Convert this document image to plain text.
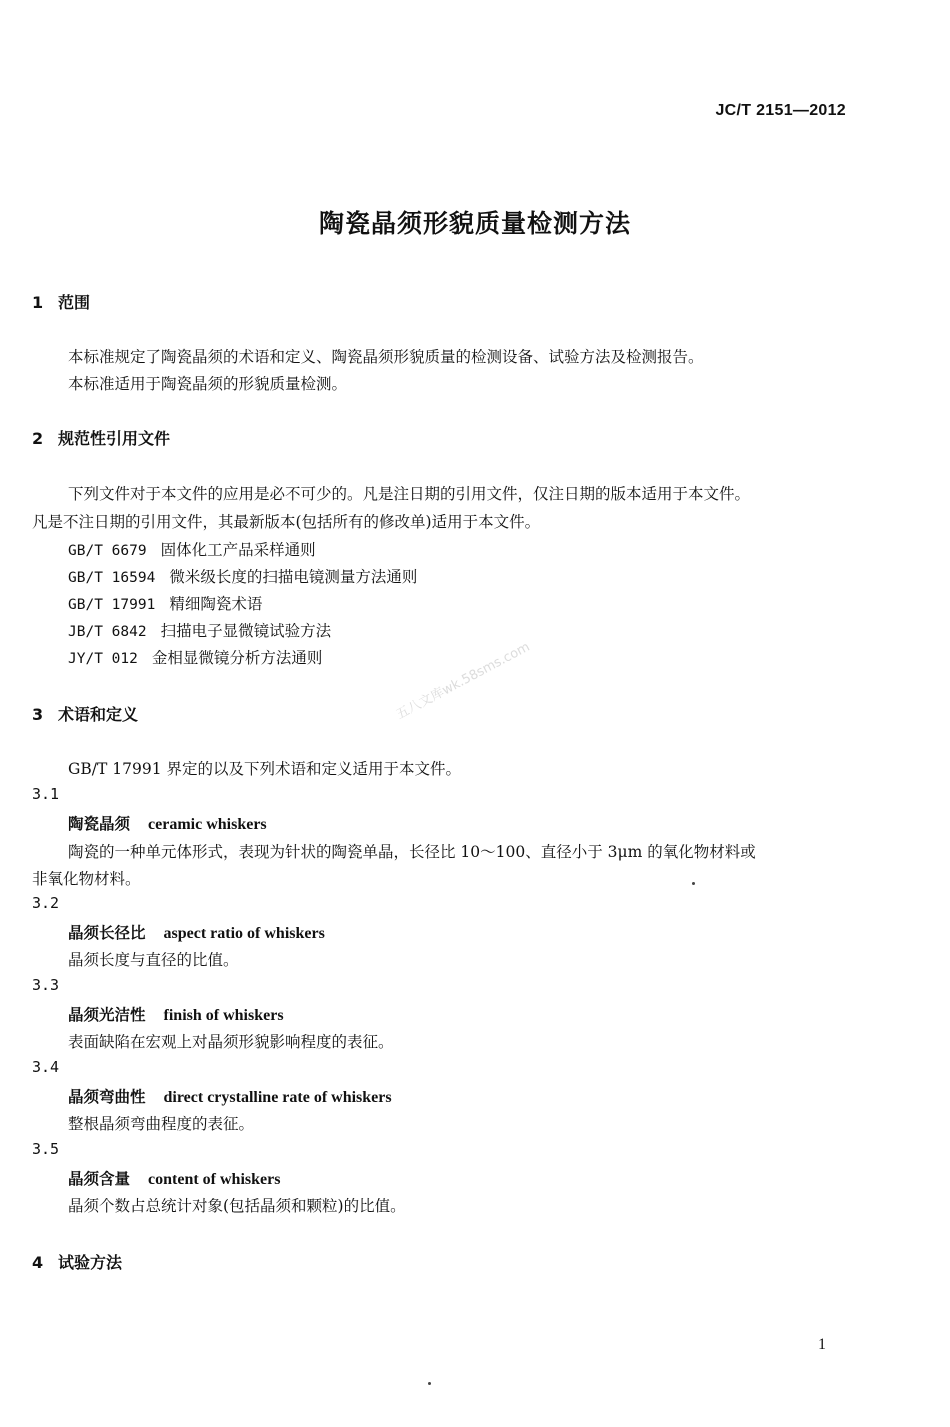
JC/T 2151—2012
陶瓷晶须形貌质量检测方法
1 范围
本标准规定了陶瓷晶须的术语和定义、陶瓷晶须形貌质量的检测设备、试验方法及检测报告。
本标准适用于陶瓷晶须的形貌质量检测。
2 规范性引用文件
下列文件对于本文件的应用是必不可少的。凡是注日期的引用文件，仅注日期的版本适用于本文件。
凡是不注日期的引用文件，其最新版本(包括所有的修改单)适用于本文件。
GB/T 6679 固体化工产品采样通则
GB/T 16594 微米级长度的扫描电镜测量方法通则
GB/T 17991 精细陶瓷术语
JB/T 6842 扫描电子显微镜试验方法
JY/T 012 金相显微镜分析方法通则
3 术语和定义
GB/T 17991 界定的以及下列术语和定义适用于本文件。
3.1
陶瓷晶须 ceramic whiskers
陶瓷的一种单元体形式，表现为针状的陶瓷单晶，长径比 10～100、直径小于 3μm 的氧化物材料或
非氧化物材料。
3.2
晶须长径比 aspect ratio of whiskers
晶须长度与直径的比值。
3.3
晶须光洁性 finish of whiskers
表面缺陷在宏观上对晶须形貌影响程度的表征。
3.4
晶须弯曲性 direct crystalline rate of whiskers
整根晶须弯曲程度的表征。
3.5
晶须含量 content of whiskers
晶须个数占总统计对象(包括晶须和颗粒)的比值。
4 试验方法
五八文库wk.58sms.com
1
